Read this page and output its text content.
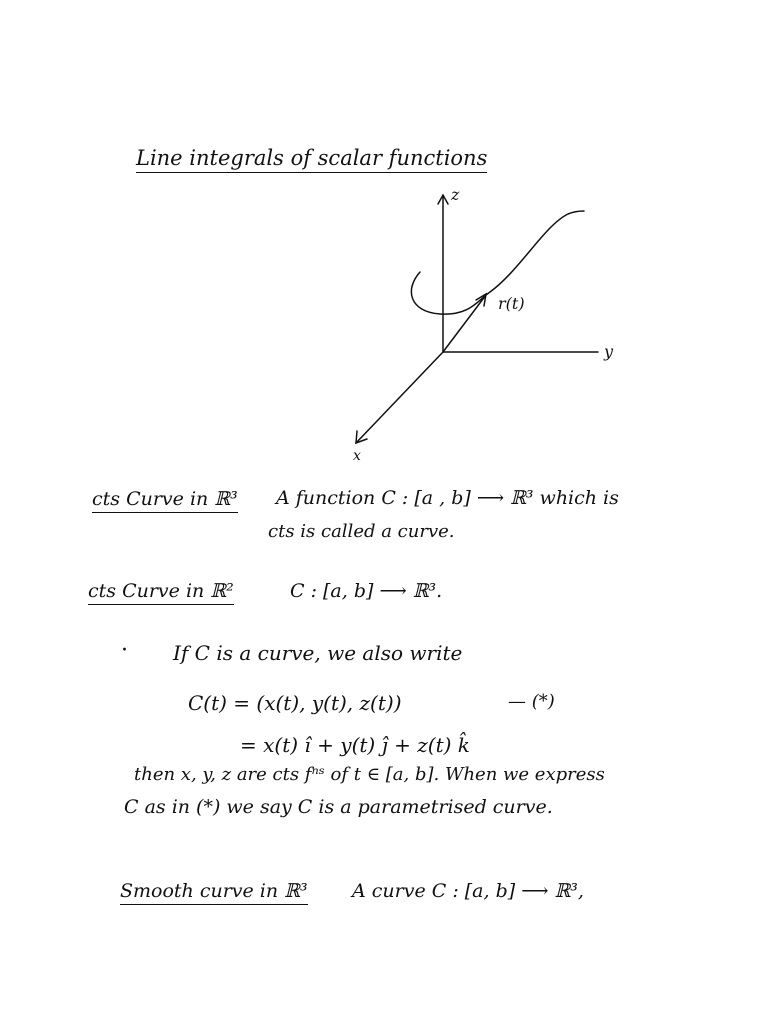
Line integrals of scalar functions
z
y
x
r(t)
cts Curve in ℝ³ A function C : [a , b] ⟶ ℝ³ which is
cts is called a curve.
cts Curve in ℝ²	C : [a, b] ⟶ ℝ³.
· If C is a curve, we also write
C(t) = (x(t), y(t), z(t))	— (*)
= x(t) î + y(t) ĵ + z(t) k̂
then x, y, z are cts fⁿˢ of t ∈ [a, b]. When we express
C as in (*) we say C is a parametrised curve.
Smooth curve in ℝ³ A curve C : [a, b] ⟶ ℝ³,
